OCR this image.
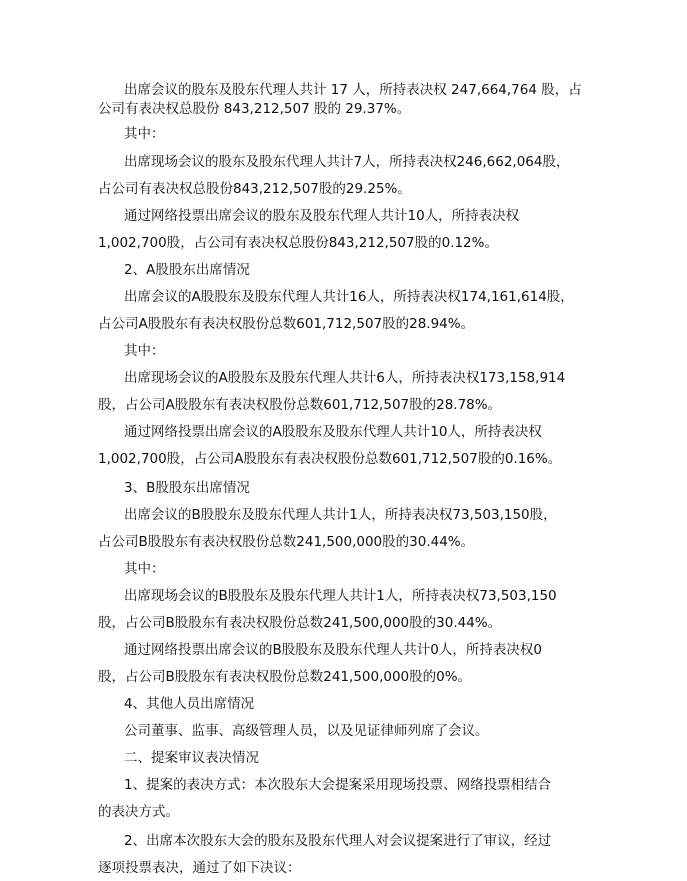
出席会议的股东及股东代理人共计 17 人，所持表决权 247,664,764 股，占
公司有表决权总股份 843,212,507 股的 29.37%。
其中：
出席现场会议的股东及股东代理人共计7人，所持表决权246,662,064股，
占公司有表决权总股份843,212,507股的29.25%。
通过网络投票出席会议的股东及股东代理人共计10人，所持表决权
1,002,700股，占公司有表决权总股份843,212,507股的0.12%。
2、A股股东出席情况
出席会议的A股股东及股东代理人共计16人，所持表决权174,161,614股，
占公司A股股东有表决权股份总数601,712,507股的28.94%。
其中：
出席现场会议的A股股东及股东代理人共计6人，所持表决权173,158,914
股，占公司A股股东有表决权股份总数601,712,507股的28.78%。
通过网络投票出席会议的A股股东及股东代理人共计10人，所持表决权
1,002,700股，占公司A股股东有表决权股份总数601,712,507股的0.16%。
3、B股股东出席情况
出席会议的B股股东及股东代理人共计1人，所持表决权73,503,150股，
占公司B股股东有表决权股份总数241,500,000股的30.44%。
其中：
出席现场会议的B股股东及股东代理人共计1人，所持表决权73,503,150
股，占公司B股股东有表决权股份总数241,500,000股的30.44%。
通过网络投票出席会议的B股股东及股东代理人共计0人，所持表决权0
股，占公司B股股东有表决权股份总数241,500,000股的0%。
4、其他人员出席情况
公司董事、监事、高级管理人员，以及见证律师列席了会议。
二、提案审议表决情况
1、提案的表决方式：本次股东大会提案采用现场投票、网络投票相结合
的表决方式。
2、出席本次股东大会的股东及股东代理人对会议提案进行了审议，经过
逐项投票表决，通过了如下决议：
